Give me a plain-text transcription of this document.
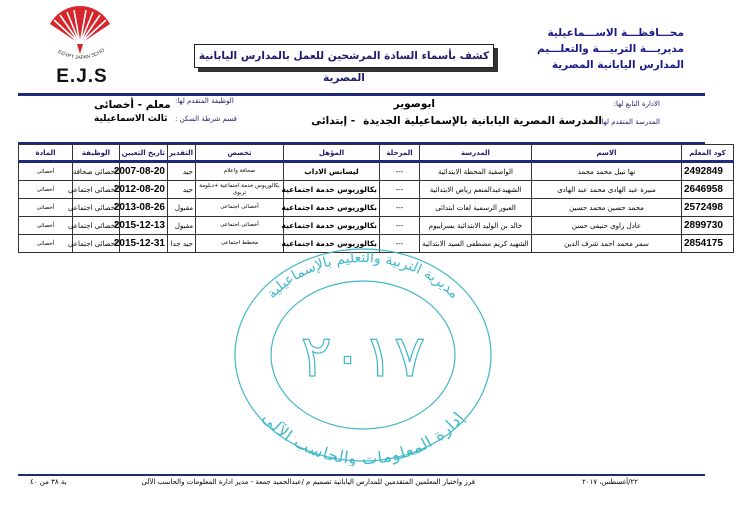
EGYPT JAPAN SCHO
E.J.S
محـــافظـــة الاســـماعيلية
مديريـــة التربيـــة والتعلـــيم
المدارس اليابانية المصرية
كشف بأسماء السادة المرشحين للعمل بالمدارس اليابانية المصرية
الادارة التابع لها:
ابوصوير
المدرسة المتقدم لها :
المدرسة المصرية اليابانية بالإسماعيلية الجديدة- إبتدائى
الوظيفة المتقدم لها:
معلم - أخصائى
قسم شرطة السكن :
ثالث الاسماعيلية
كود المعلم	الاسم	المدرسة	المرحلة	المؤهل	تخصص	التقدير	تاريخ التعيين	الوظيفة	المادة
2492849	نها نبيل محمد محمد	الواصفية المحطة الابتدائية	---	ليسانس الاداب	صحافة واعلام	جيد	2007-08-20	أخصائى صحافة	أخصائى
2646958	منيرة عبد الهادى محمد عبد الهادى	الشهيدعبدالمنعم رياض الابتدائية	---	بكالوريوس خدمة اجتماعية	بكالوريوس خدمة اجتماعية +دبلومة تربوى	جيد	2012-08-20	أخصائى اجتماعى	أخصائى
2572498	محمد حسين محمد حسين	العبور الرسمية لغات ابتدائى	---	بكالوريوس خدمة اجتماعية	أخصائى اجتماعى	مقبول	2013-08-26	أخصائى اجتماعى	أخصائى
2899730	عادل راوى حنيفى حسن	خالد بن الوليد الابتدائية بسرابيوم	---	بكالوريوس خدمة اجتماعية	أخصائى اجتماعى	مقبول	2015-12-13	أخصائى اجتماعى	أخصائى
2854175	سمر محمد احمد شرف الدين	الشهيد كريم مصطفى السيد الابتدائية	---	بكالوريوس خدمة اجتماعية	مخطط اجتماعى	جيد جدا	2015-12-31	أخصائى اجتماعى	أخصائى
مديرية التربية والتعليم بالإسماعيلية
إدارة المعلومات والحاسب الآلى
٢٠١٧
٢٢/أغسطس، ٢٠١٧
فرز واختيار المعلمين المتقدمين للمدارس اليابانية تصميم م /عبدالحميد جمعة - مدير ادارة المعلومات والحاسب الآلى
ية ٣٨ من ٤٠
